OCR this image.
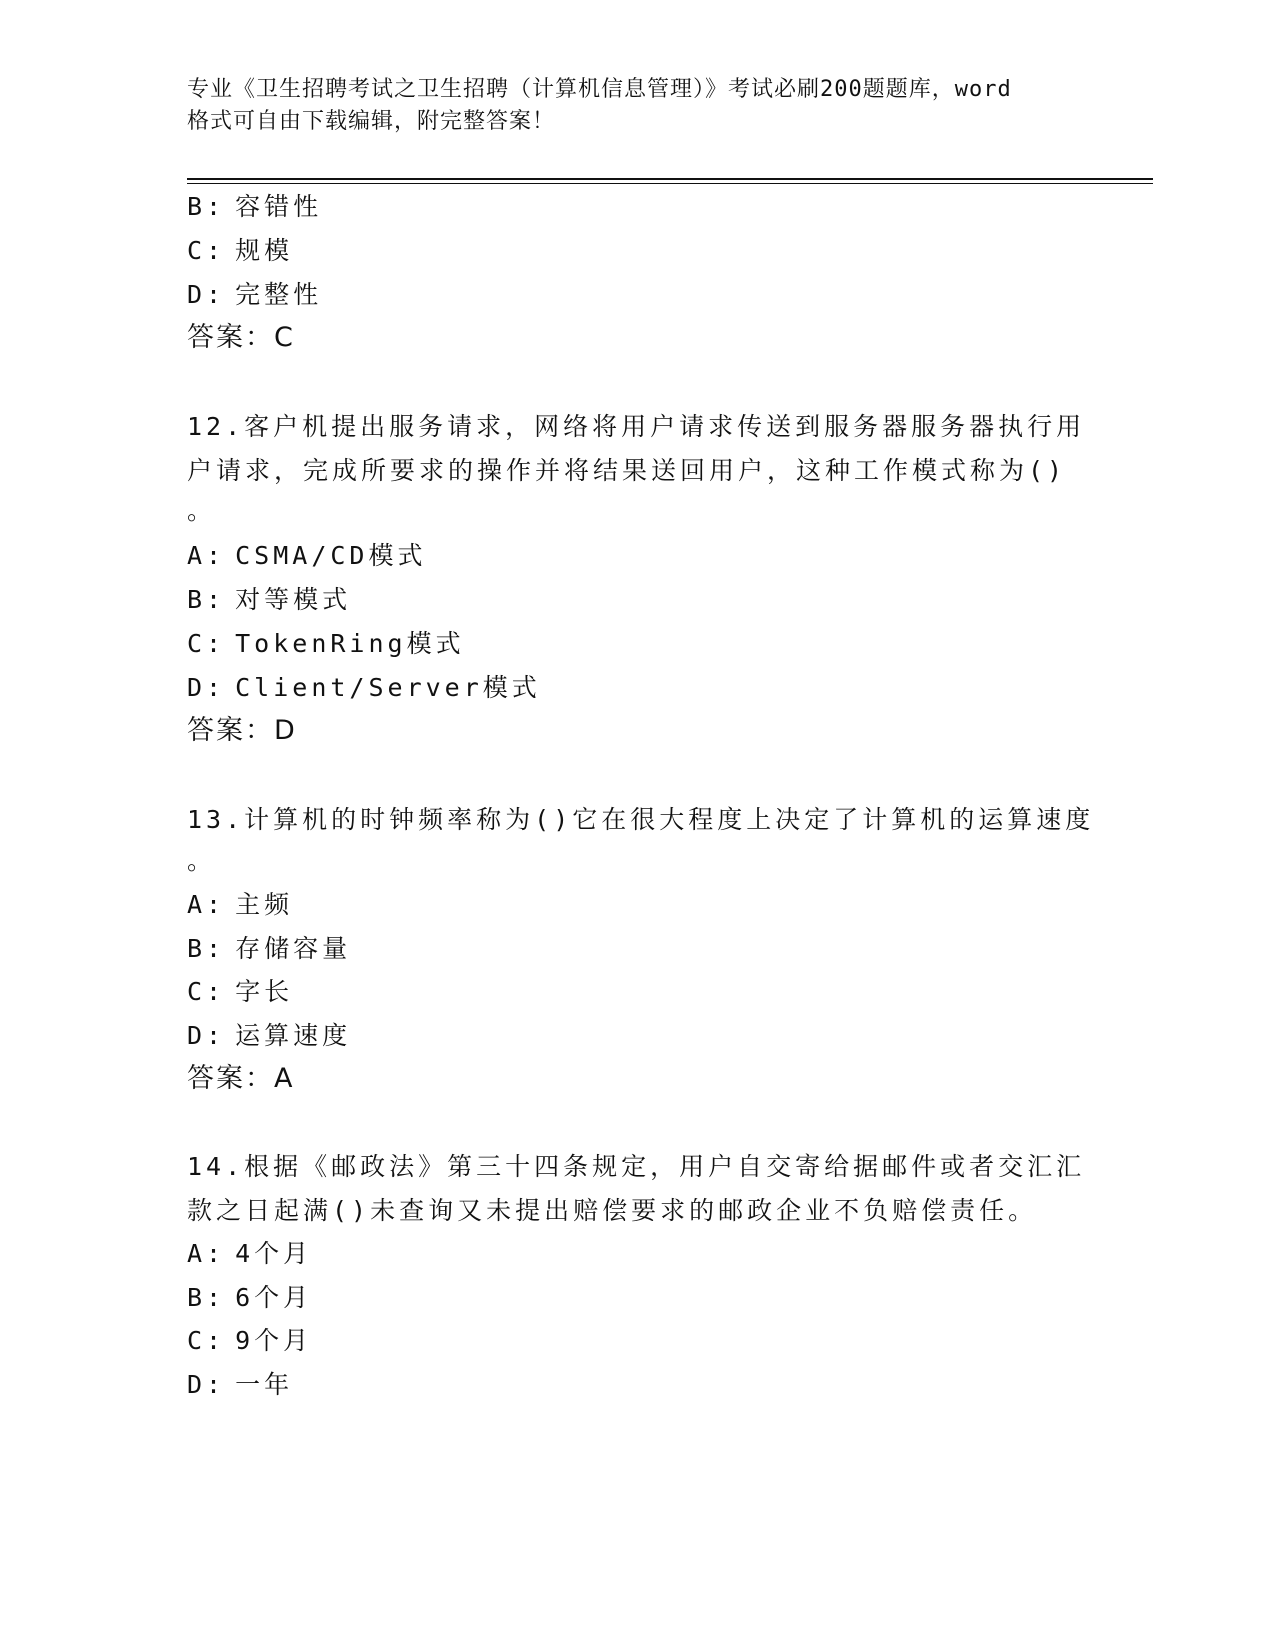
专业《卫生招聘考试之卫生招聘（计算机信息管理）》考试必刷200题题库，word
格式可自由下载编辑，附完整答案！
B: 容错性
C: 规模
D: 完整性
答案：C
12.客户机提出服务请求，网络将用户请求传送到服务器服务器执行用
户请求，完成所要求的操作并将结果送回用户，这种工作模式称为()
。
A: CSMA/CD模式
B: 对等模式
C: TokenRing模式
D: Client/Server模式
答案：D
13.计算机的时钟频率称为()它在很大程度上决定了计算机的运算速度
。
A: 主频
B: 存储容量
C: 字长
D: 运算速度
答案：A
14.根据《邮政法》第三十四条规定，用户自交寄给据邮件或者交汇汇
款之日起满()未查询又未提出赔偿要求的邮政企业不负赔偿责任。
A: 4个月
B: 6个月
C: 9个月
D: 一年
